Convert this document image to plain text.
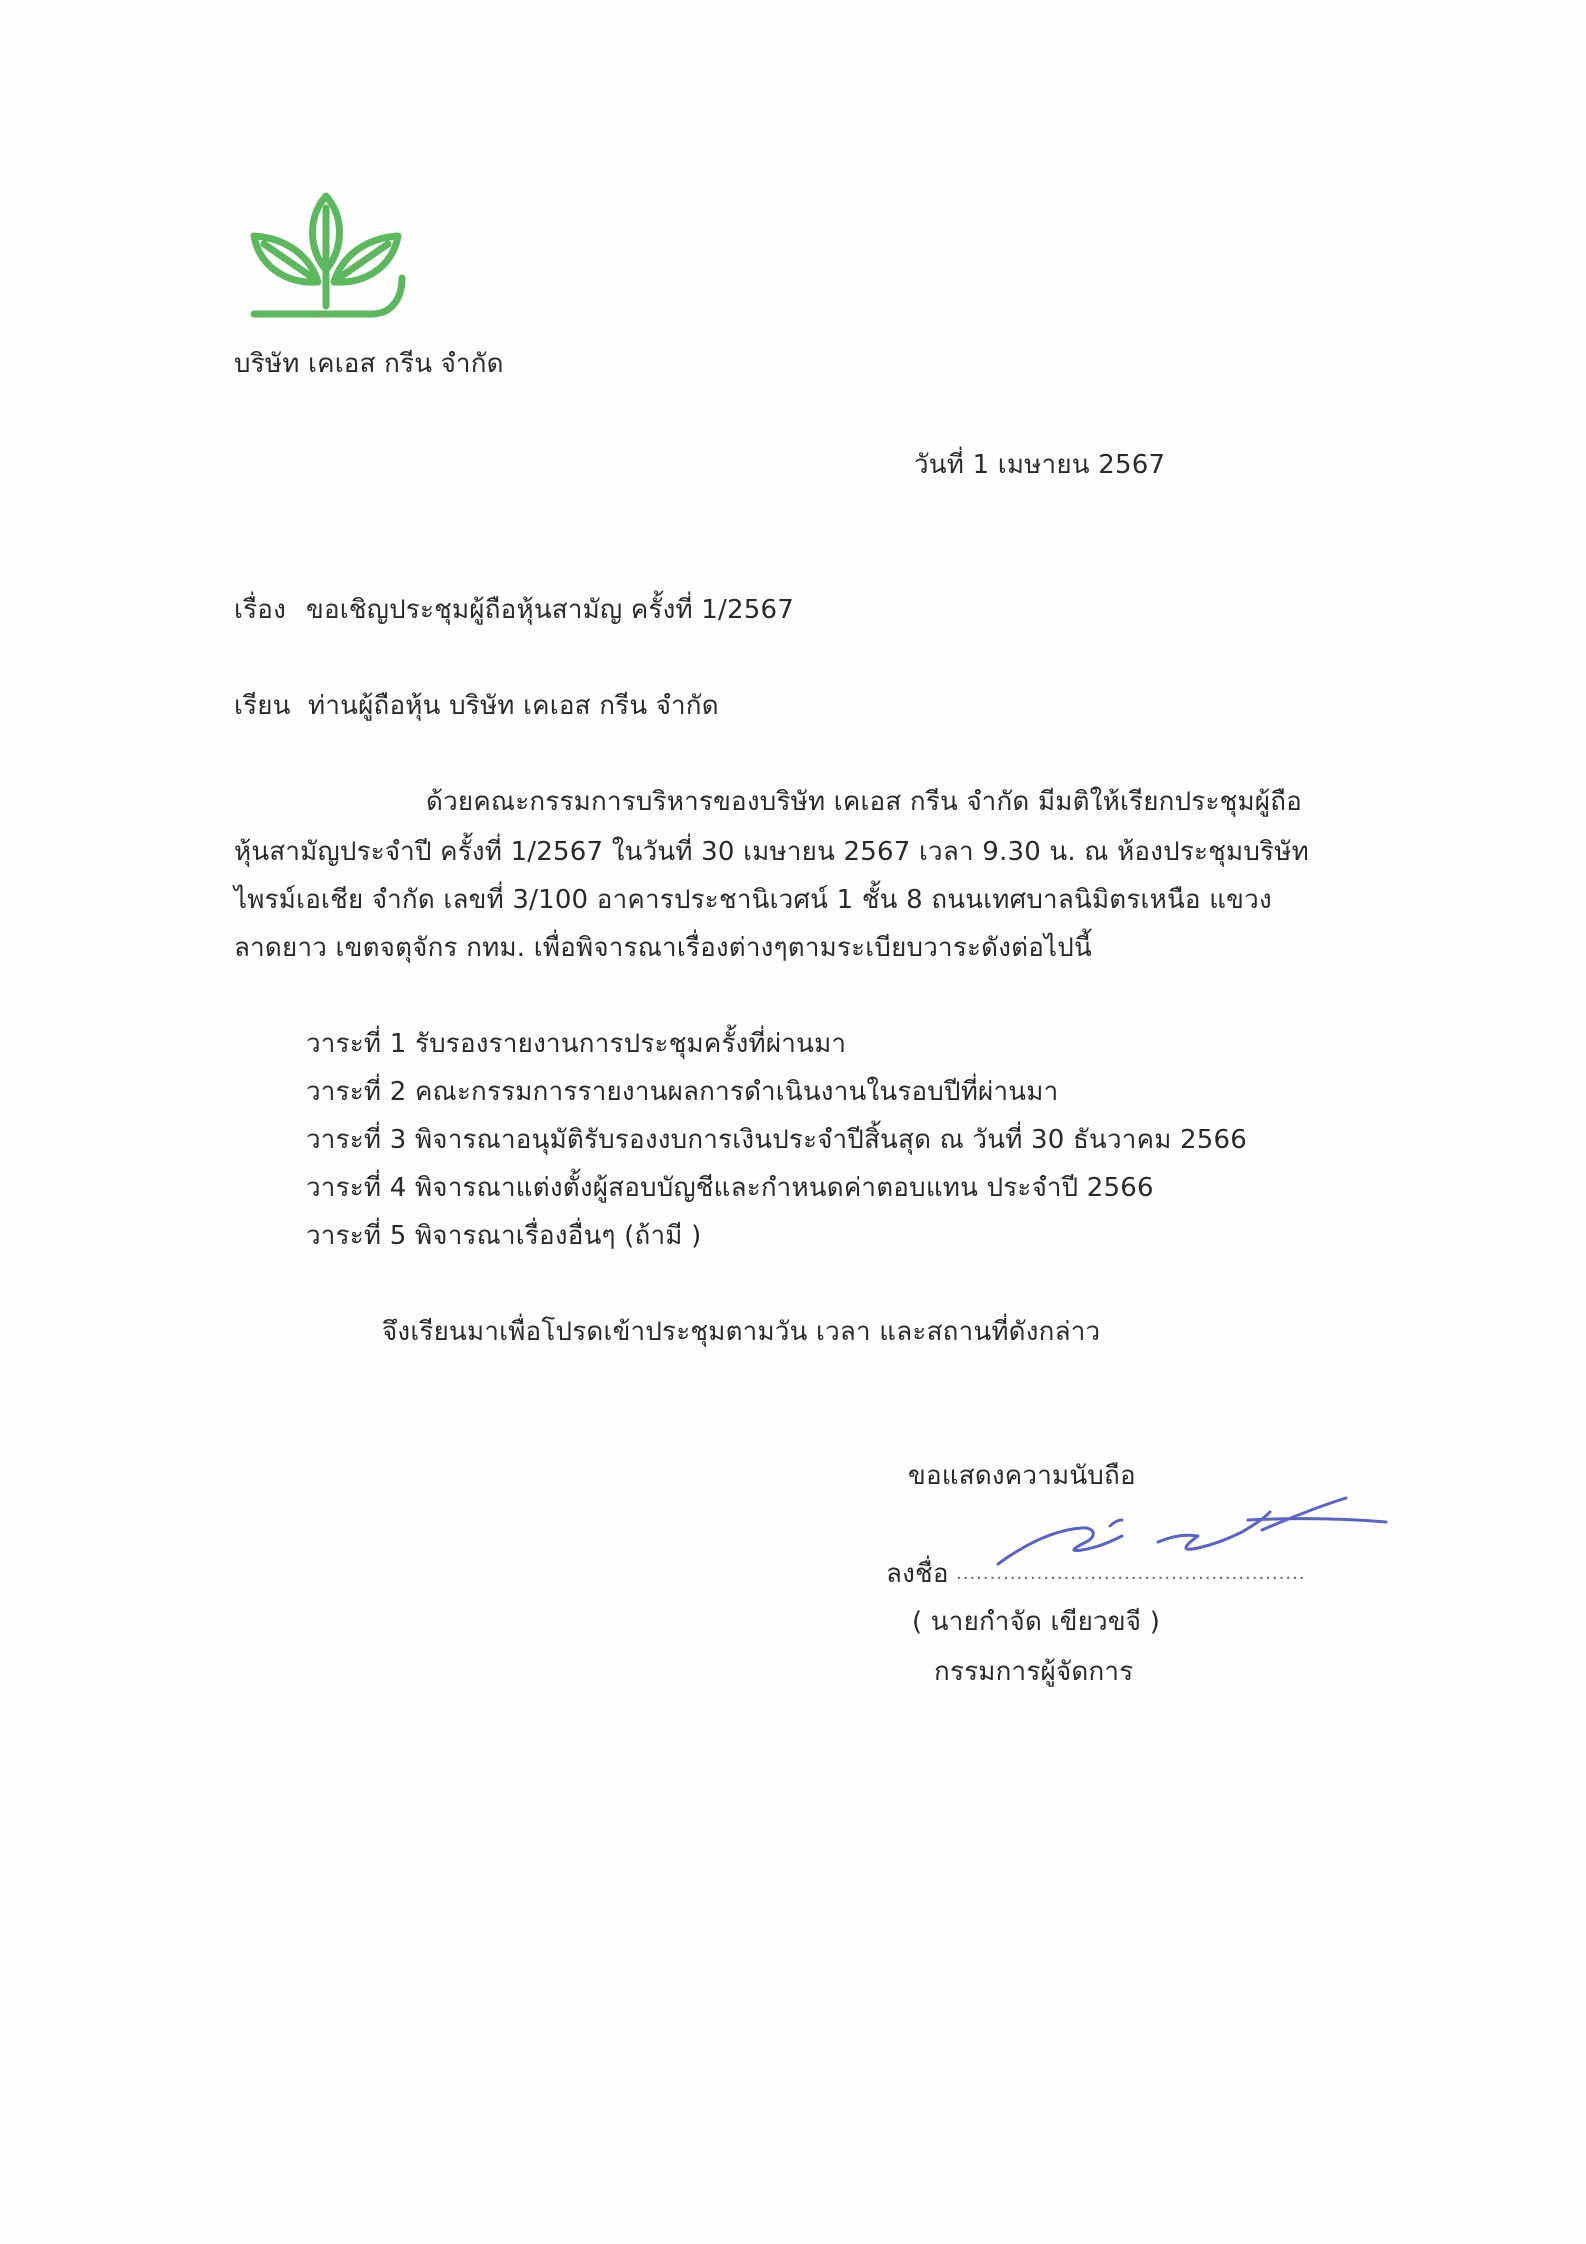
บริษัท เคเอส กรีน จำกัด
วันที่ 1 เมษายน 2567
เรื่อง ขอเชิญประชุมผู้ถือหุ้นสามัญ ครั้งที่ 1/2567
เรียน ท่านผู้ถือหุ้น บริษัท เคเอส กรีน จำกัด
ด้วยคณะกรรมการบริหารของบริษัท เคเอส กรีน จำกัด มีมติให้เรียกประชุมผู้ถือ
หุ้นสามัญประจำปี ครั้งที่ 1/2567 ในวันที่ 30 เมษายน 2567 เวลา 9.30 น. ณ ห้องประชุมบริษัท
ไพรม์เอเชีย จำกัด เลขที่ 3/100 อาคารประชานิเวศน์ 1 ชั้น 8 ถนนเทศบาลนิมิตรเหนือ แขวง
ลาดยาว เขตจตุจักร กทม. เพื่อพิจารณาเรื่องต่างๆตามระเบียบวาระดังต่อไปนี้
วาระที่ 1 รับรองรายงานการประชุมครั้งที่ผ่านมา
วาระที่ 2 คณะกรรมการรายงานผลการดำเนินงานในรอบปีที่ผ่านมา
วาระที่ 3 พิจารณาอนุมัติรับรองงบการเงินประจำปีสิ้นสุด ณ วันที่ 30 ธันวาคม 2566
วาระที่ 4 พิจารณาแต่งตั้งผู้สอบบัญชีและกำหนดค่าตอบแทน ประจำปี 2566
วาระที่ 5 พิจารณาเรื่องอื่นๆ (ถ้ามี )
จึงเรียนมาเพื่อโปรดเข้าประชุมตามวัน เวลา และสถานที่ดังกล่าว
ขอแสดงความนับถือ
ลงชื่อ ....................................................
( นายกำจัด เขียวขจี )
กรรมการผู้จัดการ
